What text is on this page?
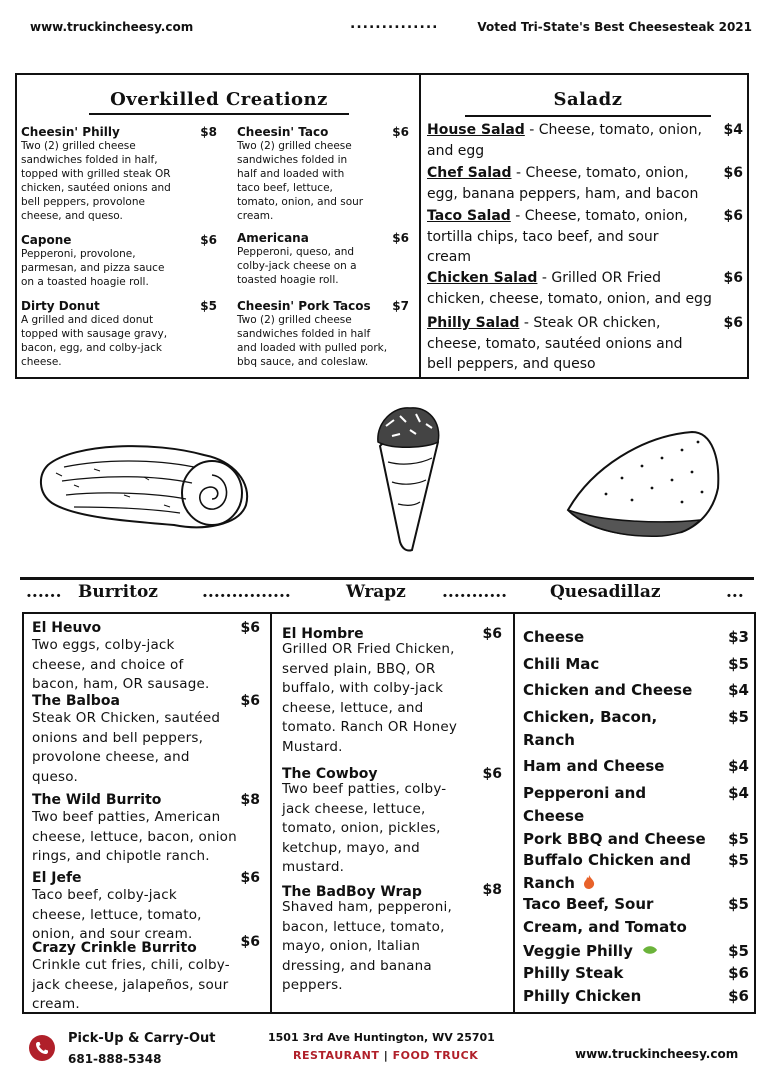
www.truckincheesy.com	..............	Voted Tri-State's Best Cheesesteak 2021
Overkilled Creationz
Cheesin' Philly	$8
Two (2) grilled cheese
sandwiches folded in half,
topped with grilled steak OR
chicken, sautéed onions and
bell peppers, provolone
cheese, and queso.
Capone	$6
Pepperoni, provolone,
parmesan, and pizza sauce
on a toasted hoagie roll.
Dirty Donut	$5
A grilled and diced donut
topped with sausage gravy,
bacon, egg, and colby-jack
cheese.
Cheesin' Taco	$6
Two (2) grilled cheese
sandwiches folded in
half and loaded with
taco beef, lettuce,
tomato, onion, and sour
cream.
Americana	$6
Pepperoni, queso, and
colby-jack cheese on a
toasted hoagie roll.
Cheesin' Pork Tacos	$7
Two (2) grilled cheese
sandwiches folded in half
and loaded with pulled pork,
bbq sauce, and coleslaw.
Saladz
House Salad - Cheese, tomato, onion,
and egg
$4
Chef Salad - Cheese, tomato, onion,
egg, banana peppers, ham, and bacon
$6
Taco Salad - Cheese, tomato, onion,
tortilla chips, taco beef, and sour
cream
$6
Chicken Salad - Grilled OR Fried
chicken, cheese, tomato, onion, and egg
$6
Philly Salad - Steak OR chicken,
cheese, tomato, sautéed onions and
bell peppers, and queso
$6
...... Burritoz	...............	Wrapz ...........	Quesadillaz	...
El Heuvo	$6
Two eggs, colby-jack
cheese, and choice of
bacon, ham, OR sausage.
The Balboa	$6
Steak OR Chicken, sautéed
onions and bell peppers,
provolone cheese, and
queso.
The Wild Burrito	$8
Two beef patties, American
cheese, lettuce, bacon, onion
rings, and chipotle ranch.
El Jefe	$6
Taco beef, colby-jack
cheese, lettuce, tomato,
onion, and sour cream.
Crazy Crinkle Burrito	$6
Crinkle cut fries, chili, colby-
jack cheese, jalapeños, sour
cream.
El Hombre	$6
Grilled OR Fried Chicken,
served plain, BBQ, OR
buffalo, with colby-jack
cheese, lettuce, and
tomato. Ranch OR Honey
Mustard.
The Cowboy	$6
Two beef patties, colby-
jack cheese, lettuce,
tomato, onion, pickles,
ketchup, mayo, and
mustard.
The BadBoy Wrap	$8
Shaved ham, pepperoni,
bacon, lettuce, tomato,
mayo, onion, Italian
dressing, and banana
peppers.
Cheese	$3
Chili Mac	$5
Chicken and Cheese	$4
Chicken, Bacon,
Ranch
$5
Ham and Cheese	$4
Pepperoni and
Cheese
$4
Pork BBQ and Cheese	$5
Buffalo Chicken and
Ranch
$5
Taco Beef, Sour
Cream, and Tomato
$5
Veggie Philly	$5
Philly Steak	$6
Philly Chicken	$6
Pick-Up & Carry-Out
681-888-5348
1501 3rd Ave Huntington, WV 25701
RESTAURANT | FOOD TRUCK	www.truckincheesy.com
